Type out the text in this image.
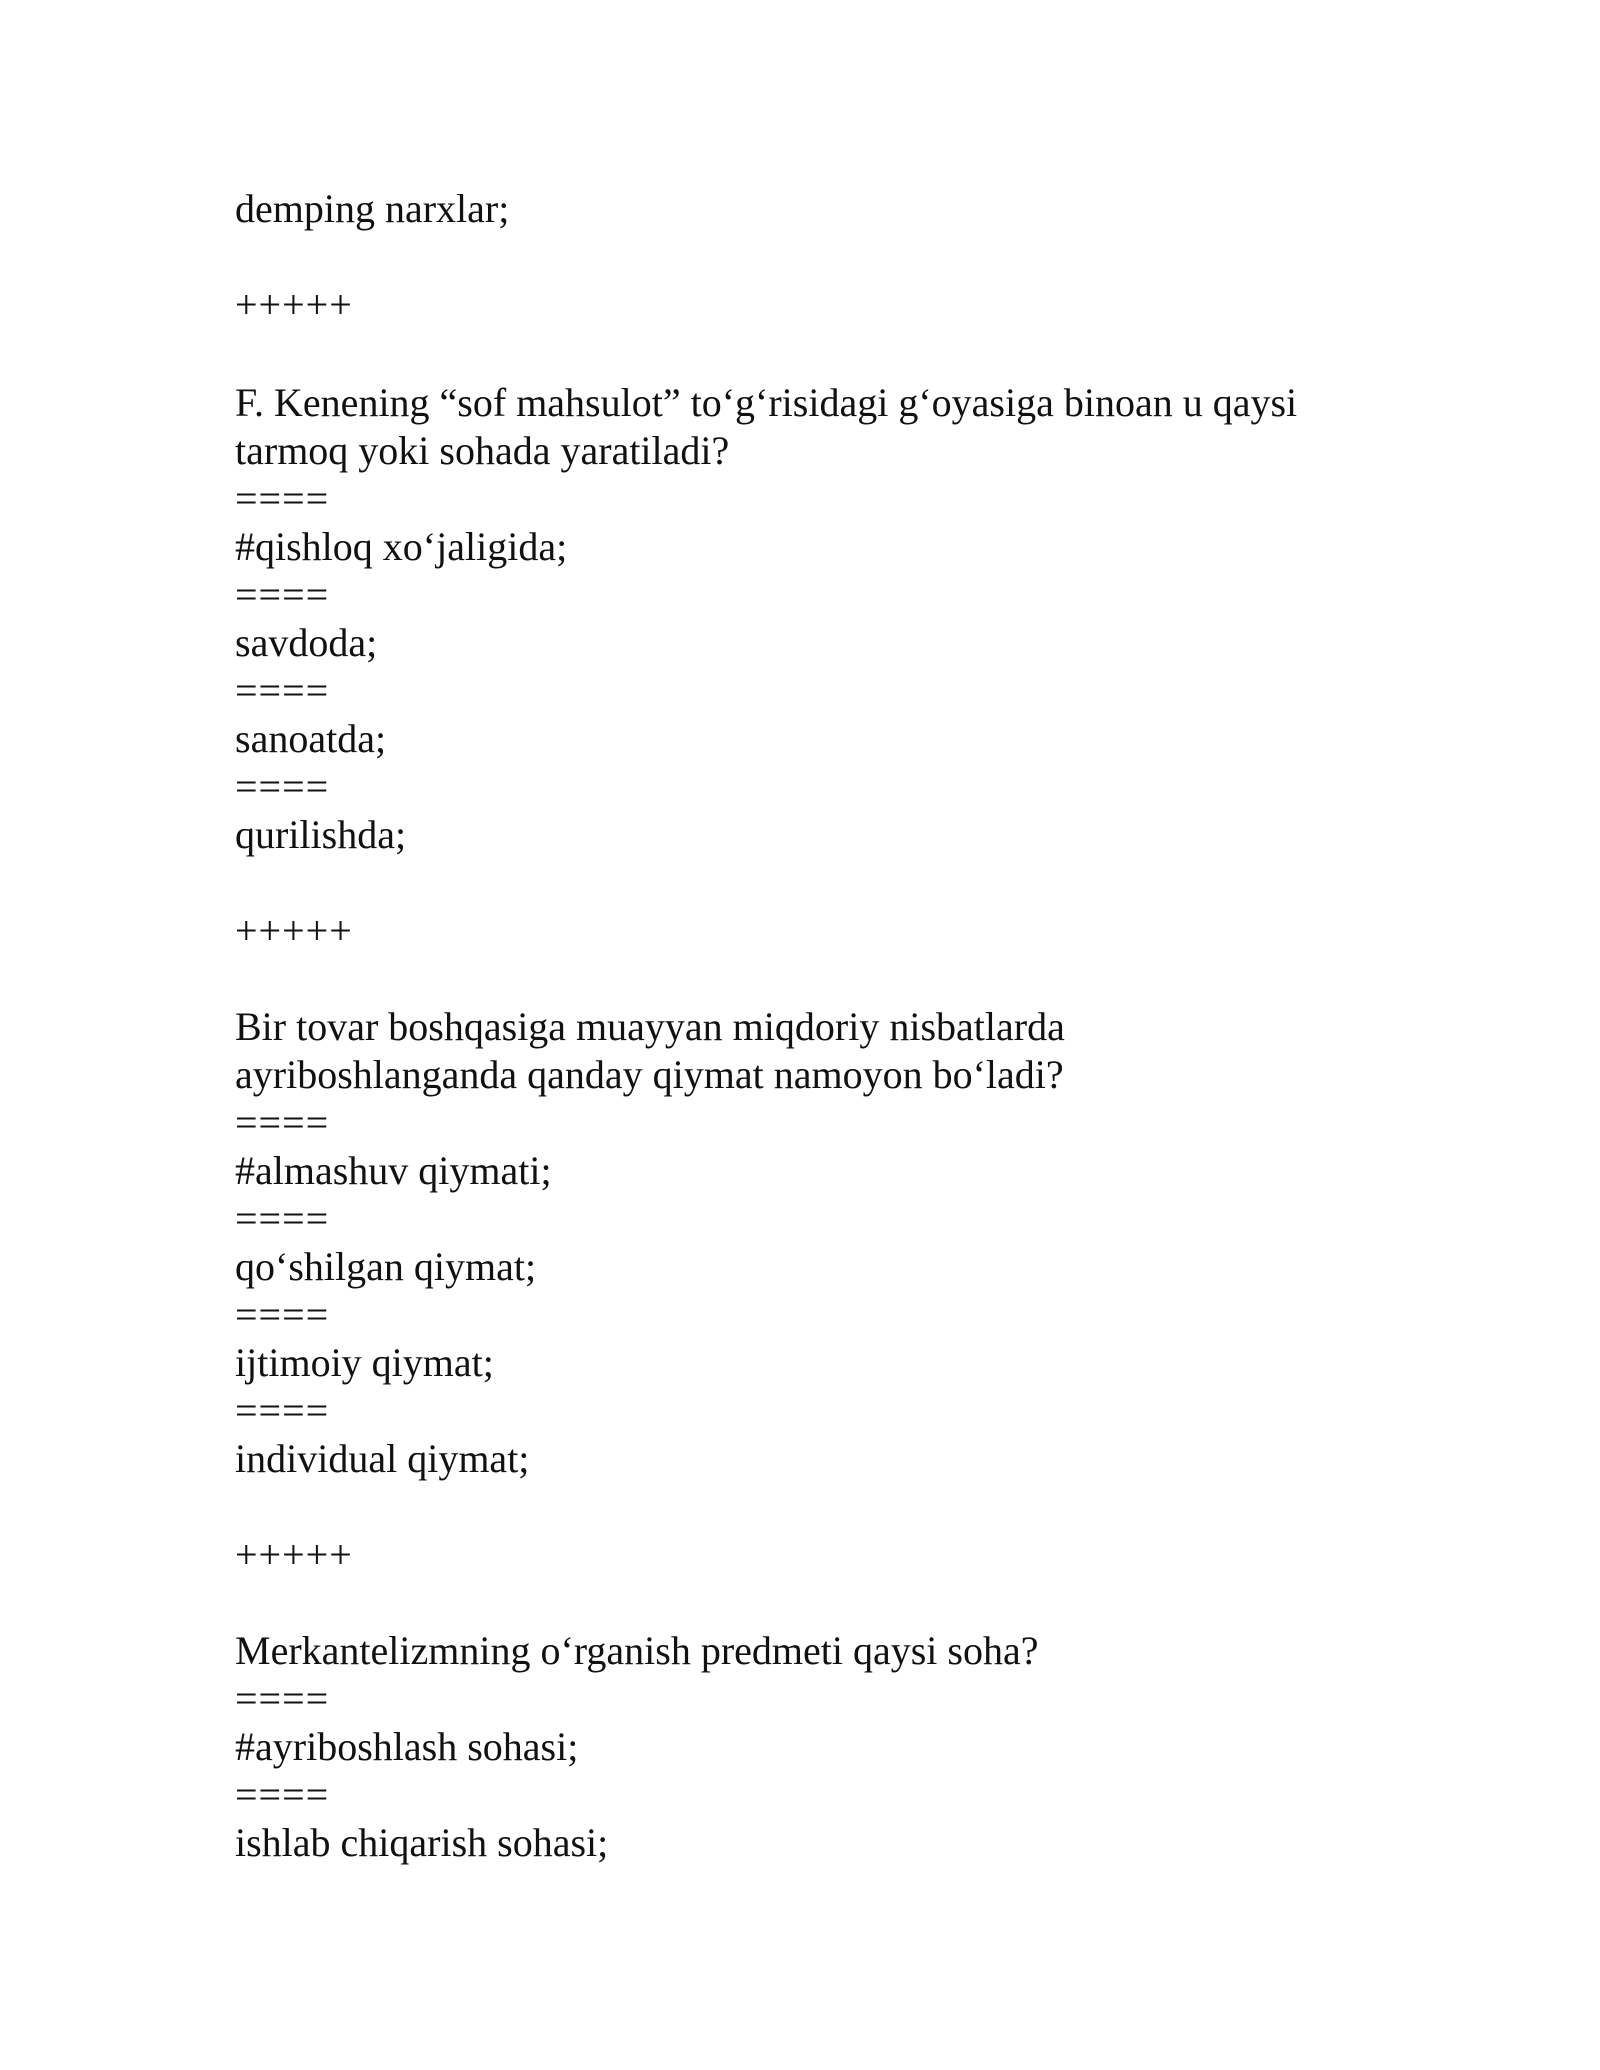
demping narxlar;
+++++
F. Kenening “sof mahsulot” to‘g‘risidagi g‘oyasiga binoan u qaysi tarmoq yoki sohada yaratiladi?
====
#qishloq xo‘jaligida;
====
savdoda;
====
sanoatda;
====
qurilishda;
+++++
Bir tovar boshqasiga muayyan miqdoriy nisbatlarda ayriboshlanganda qanday qiymat namoyon bo‘ladi?
====
#almashuv qiymati;
====
qo‘shilgan qiymat;
====
ijtimoiy qiymat;
====
individual qiymat;
+++++
Merkantelizmning o‘rganish predmeti qaysi soha?
====
#ayriboshlash sohasi;
====
ishlab chiqarish sohasi;
